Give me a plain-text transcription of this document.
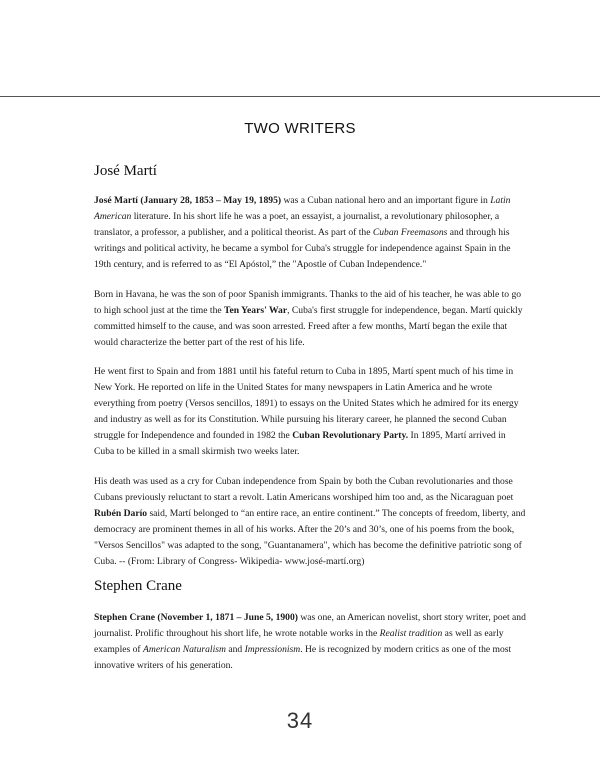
TWO WRITERS
José Martí

José Martí (January 28, 1853 – May 19, 1895) was a Cuban national hero and an important figure in Latin American literature. In his short life he was a poet, an essayist, a journalist, a revolutionary philosopher, a translator, a professor, a publisher, and a political theorist. As part of the Cuban Freemasons and through his writings and political activity, he became a symbol for Cuba's struggle for independence against Spain in the 19th century, and is referred to as “El Apóstol,” the "Apostle of Cuban Independence."

Born in Havana, he was the son of poor Spanish immigrants. Thanks to the aid of his teacher, he was able to go to high school just at the time the Ten Years' War, Cuba's first struggle for independence, began. Martí quickly committed himself to the cause, and was soon arrested. Freed after a few months, Martí began the exile that would characterize the better part of the rest of his life.

He went first to Spain and from 1881 until his fateful return to Cuba in 1895, Martí spent much of his time in New York. He reported on life in the United States for many newspapers in Latin America and he wrote everything from poetry (Versos sencillos, 1891) to essays on the United States which he admired for its energy and industry as well as for its Constitution. While pursuing his literary career, he planned the second Cuban struggle for Independence and founded in 1982 the Cuban Revolutionary Party. In 1895, Martí arrived in Cuba to be killed in a small skirmish two weeks later.

His death was used as a cry for Cuban independence from Spain by both the Cuban revolutionaries and those Cubans previously reluctant to start a revolt. Latin Americans worshiped him too and, as the Nicaraguan poet Rubén Darío said, Martí belonged to “an entire race, an entire continent.” The concepts of freedom, liberty, and democracy are prominent themes in all of his works. After the 20’s and 30’s, one of his poems from the book, "Versos Sencillos" was adapted to the song, "Guantanamera", which has become the definitive patriotic song of Cuba. -- (From: Library of Congress- Wikipedia- www.josé-martí.org)

Stephen Crane

Stephen Crane (November 1, 1871 – June 5, 1900) was one, an American novelist, short story writer, poet and journalist. Prolific throughout his short life, he wrote notable works in the Realist tradition as well as early examples of American Naturalism and Impressionism. He is recognized by modern critics as one of the most innovative writers of his generation.

34
